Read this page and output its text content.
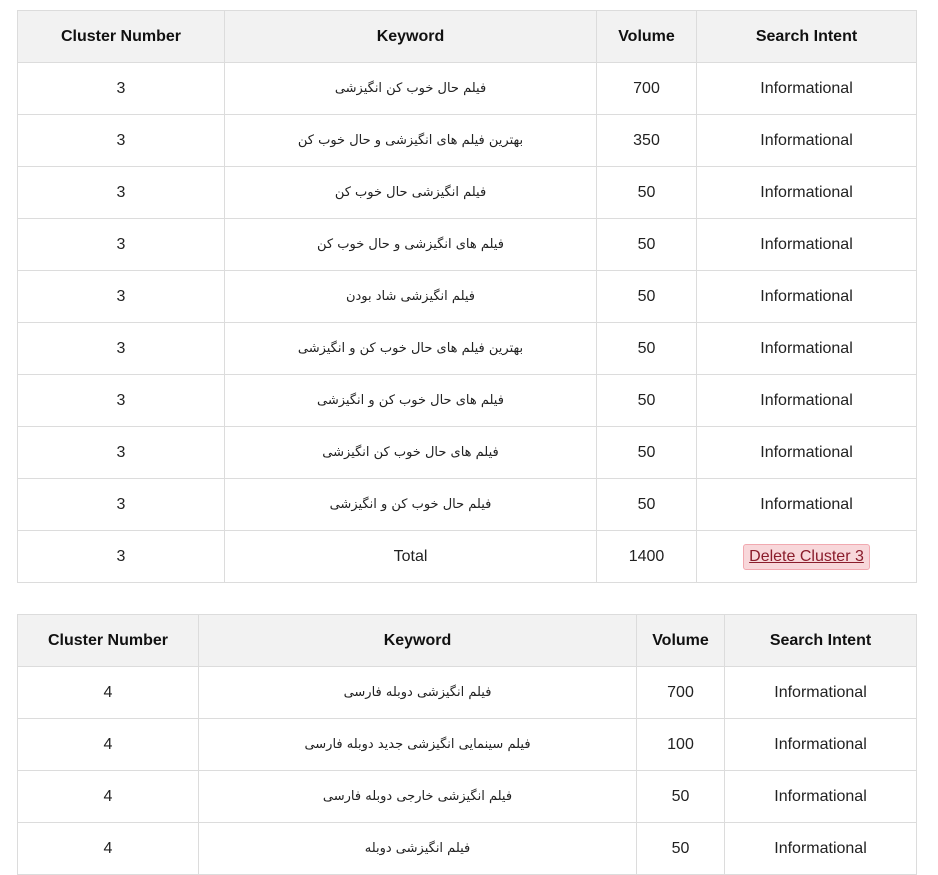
Cluster Number	Keyword	Volume	Search Intent
3	فیلم حال خوب کن انگیزشی	700	Informational
3	بهترین فیلم های انگیزشی و حال خوب کن	350	Informational
3	فیلم انگیزشی حال خوب کن	50	Informational
3	فیلم های انگیزشی و حال خوب کن	50	Informational
3	فیلم انگیزشی شاد بودن	50	Informational
3	بهترین فیلم های حال خوب کن و انگیزشی	50	Informational
3	فیلم های حال خوب کن و انگیزشی	50	Informational
3	فیلم های حال خوب کن انگیزشی	50	Informational
3	فیلم حال خوب کن و انگیزشی	50	Informational
3	Total	1400	Delete Cluster 3
Cluster Number	Keyword	Volume	Search Intent
4	فیلم انگیزشی دوبله فارسی	700	Informational
4	فیلم سینمایی انگیزشی جدید دوبله فارسی	100	Informational
4	فیلم انگیزشی خارجی دوبله فارسی	50	Informational
4	فیلم انگیزشی دوبله	50	Informational
